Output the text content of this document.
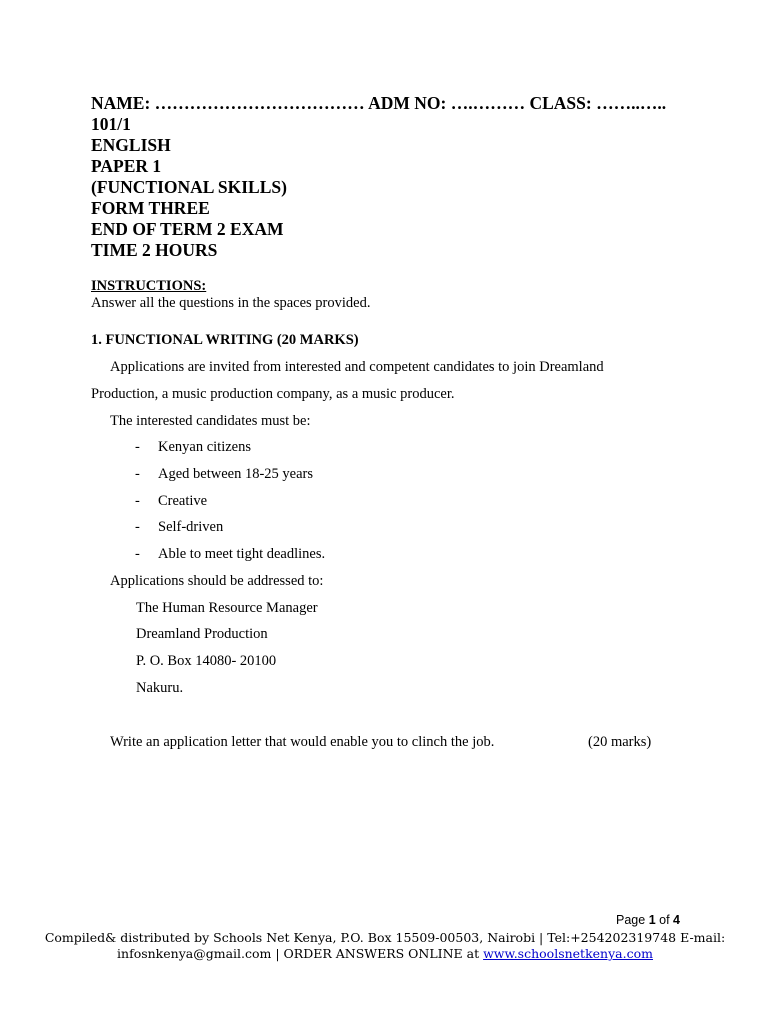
NAME: ……………………………… ADM NO: ….……… CLASS: ……..…..
101/1
ENGLISH
PAPER 1
(FUNCTIONAL SKILLS)
FORM THREE
END OF TERM 2 EXAM
TIME 2 HOURS
INSTRUCTIONS:
Answer all the questions in the spaces provided.
1. FUNCTIONAL WRITING (20 MARKS)
Applications are invited from interested and competent candidates to join Dreamland
Production, a music production company, as a music producer.
The interested candidates must be:
- Kenyan citizens
- Aged between 18-25 years
- Creative
- Self-driven
- Able to meet tight deadlines.
Applications should be addressed to:
The Human Resource Manager
Dreamland Production
P. O. Box 14080- 20100
Nakuru.
Write an application letter that would enable you to clinch the job.	(20 marks)
Page 1 of 4
Compiled& distributed by Schools Net Kenya, P.O. Box 15509-00503, Nairobi | Tel:+254202319748 E-mail:
infosnkenya@gmail.com | ORDER ANSWERS ONLINE at www.schoolsnetkenya.com
